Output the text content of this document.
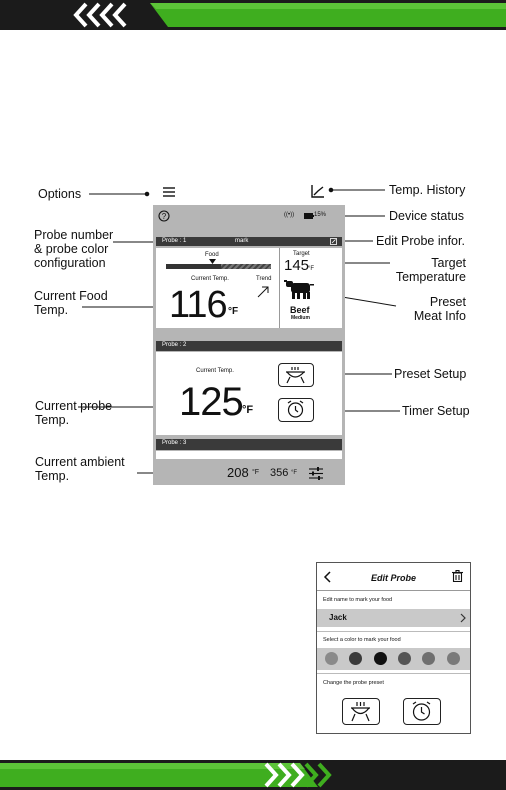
Options	Temp. History
Device status
Probe number
& probe color
configuration
Edit Probe infor.
Target
Temperature
Current Food
Temp.
Preset
Meat Info
Preset Setup
Current probe
Temp.
Timer Setup
Current ambient
Temp.
?	((•))	15%
Probe : 1	mark
Food
Current Temp.	Trend
116 °F
Target
145
°F
Beef
Medium
Probe : 2
Current Temp.
125 °F
Probe : 3
208 °F 356 °F
Edit Probe
Edit name to mark your food
Jack
Select a color to mark your food
Change the probe preset
